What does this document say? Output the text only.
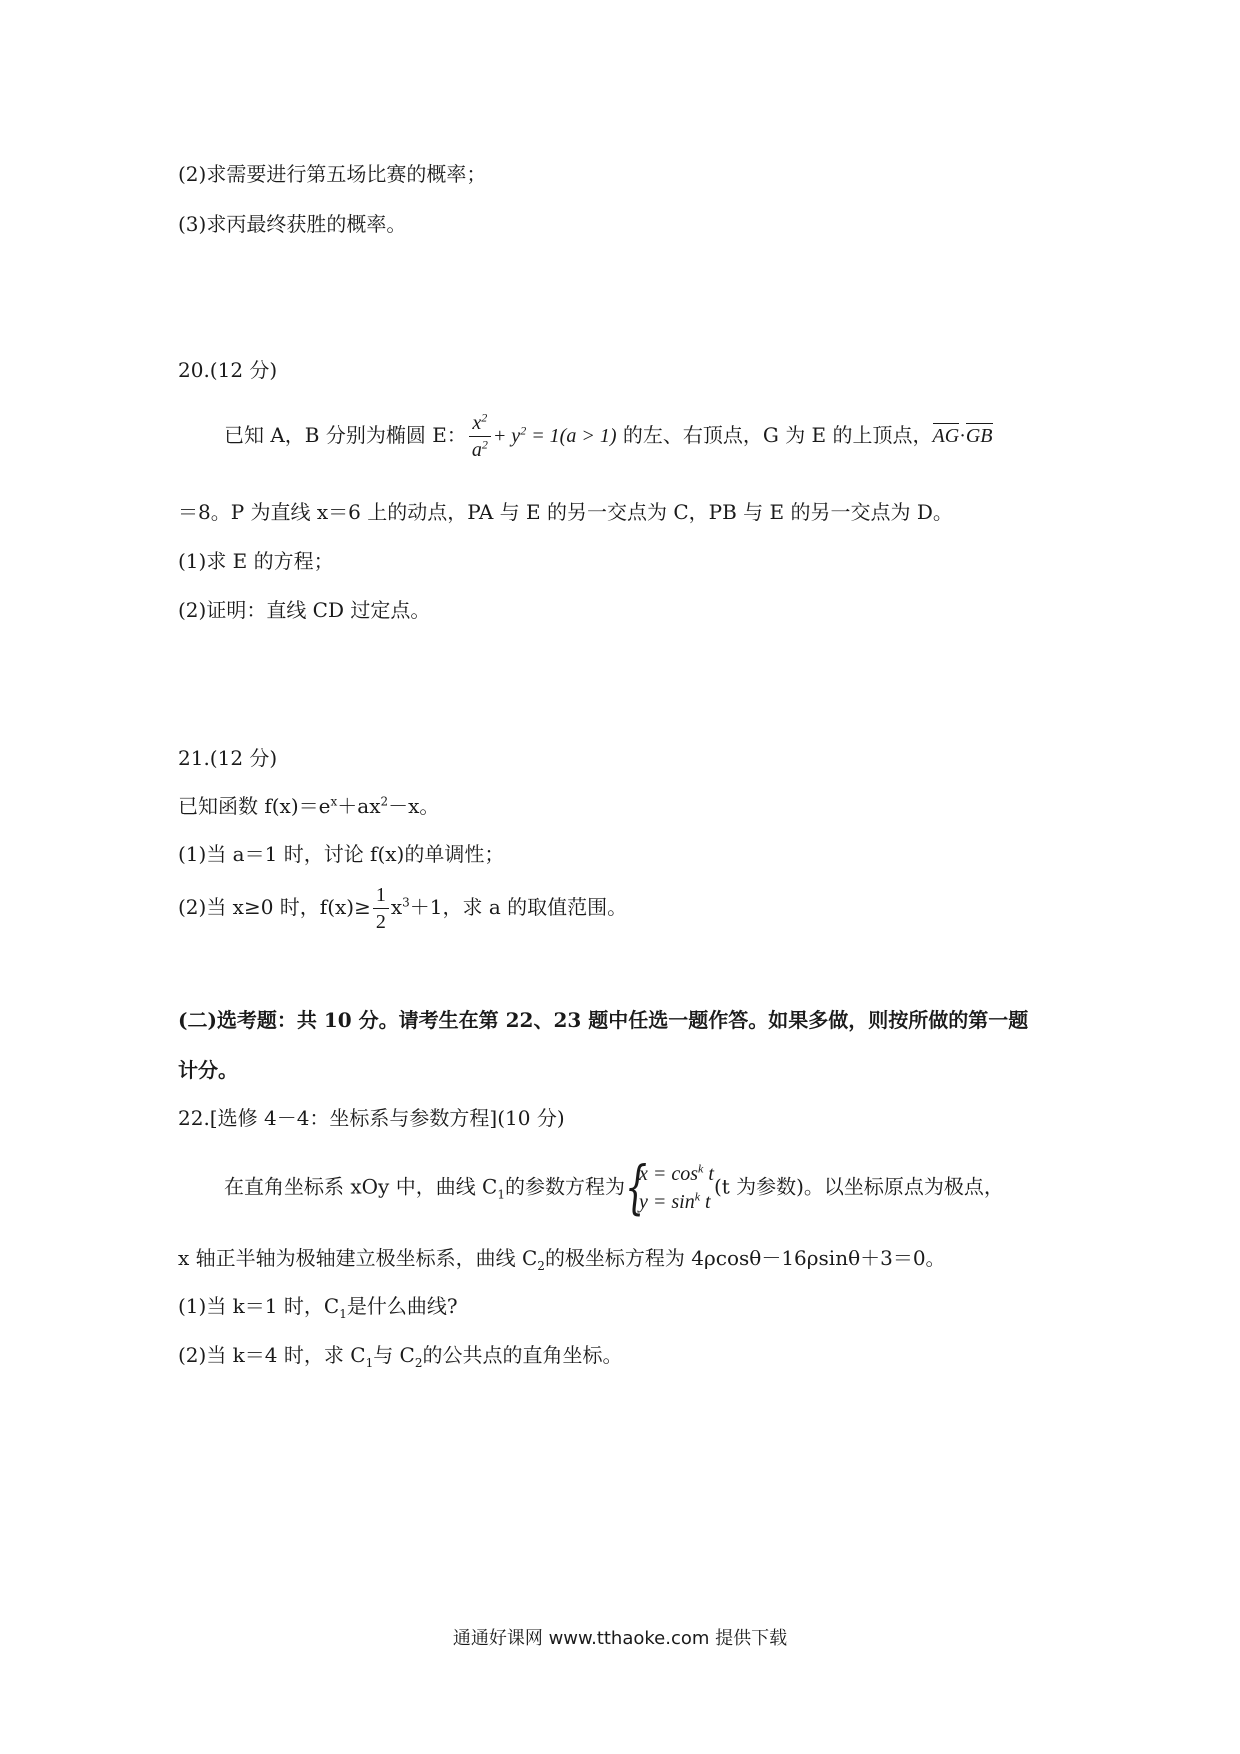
(2)求需要进行第五场比赛的概率；
(3)求丙最终获胜的概率。
20.(12 分)
已知 A，B 分别为椭圆 E： $\frac{x^2}{a^2} + y^2 = 1(a > 1)$ 的左、右顶点，G 为 E 的上顶点，AG·GB
＝8。P 为直线 x＝6 上的动点，PA 与 E 的另一交点为 C，PB 与 E 的另一交点为 D。
(1)求 E 的方程；
(2)证明：直线 CD 过定点。
21.(12 分)
已知函数 $f(x)=e^x+ax^2-x$。
(1)当 a＝1 时，讨论 f(x)的单调性；
(2)当 x≥0 时，$f(x)\ge \frac{1}{2} x^3+1$，求 a 的取值范围。
(二)选考题：共 10 分。请考生在第 22、23 题中任选一题作答。如果多做，则按所做的第一题
计分。
22.[选修 4－4：坐标系与参数方程](10 分)
在直角坐标系 xOy 中，曲线 $C_1$的参数方程为 {
$x = \cos^k t$
$y = \sin^k t$
(t 为参数)。以坐标原点为极点，
x 轴正半轴为极轴建立极坐标系，曲线 $C_2$的极坐标方程为 4ρcosθ－16ρsinθ＋3＝0。
(1)当 k＝1 时，$C_1$是什么曲线?
(2)当 k＝4 时，求 $C_1$与 $C_2$的公共点的直角坐标。
通通好课网 www.tthaoke.com 提供下载
